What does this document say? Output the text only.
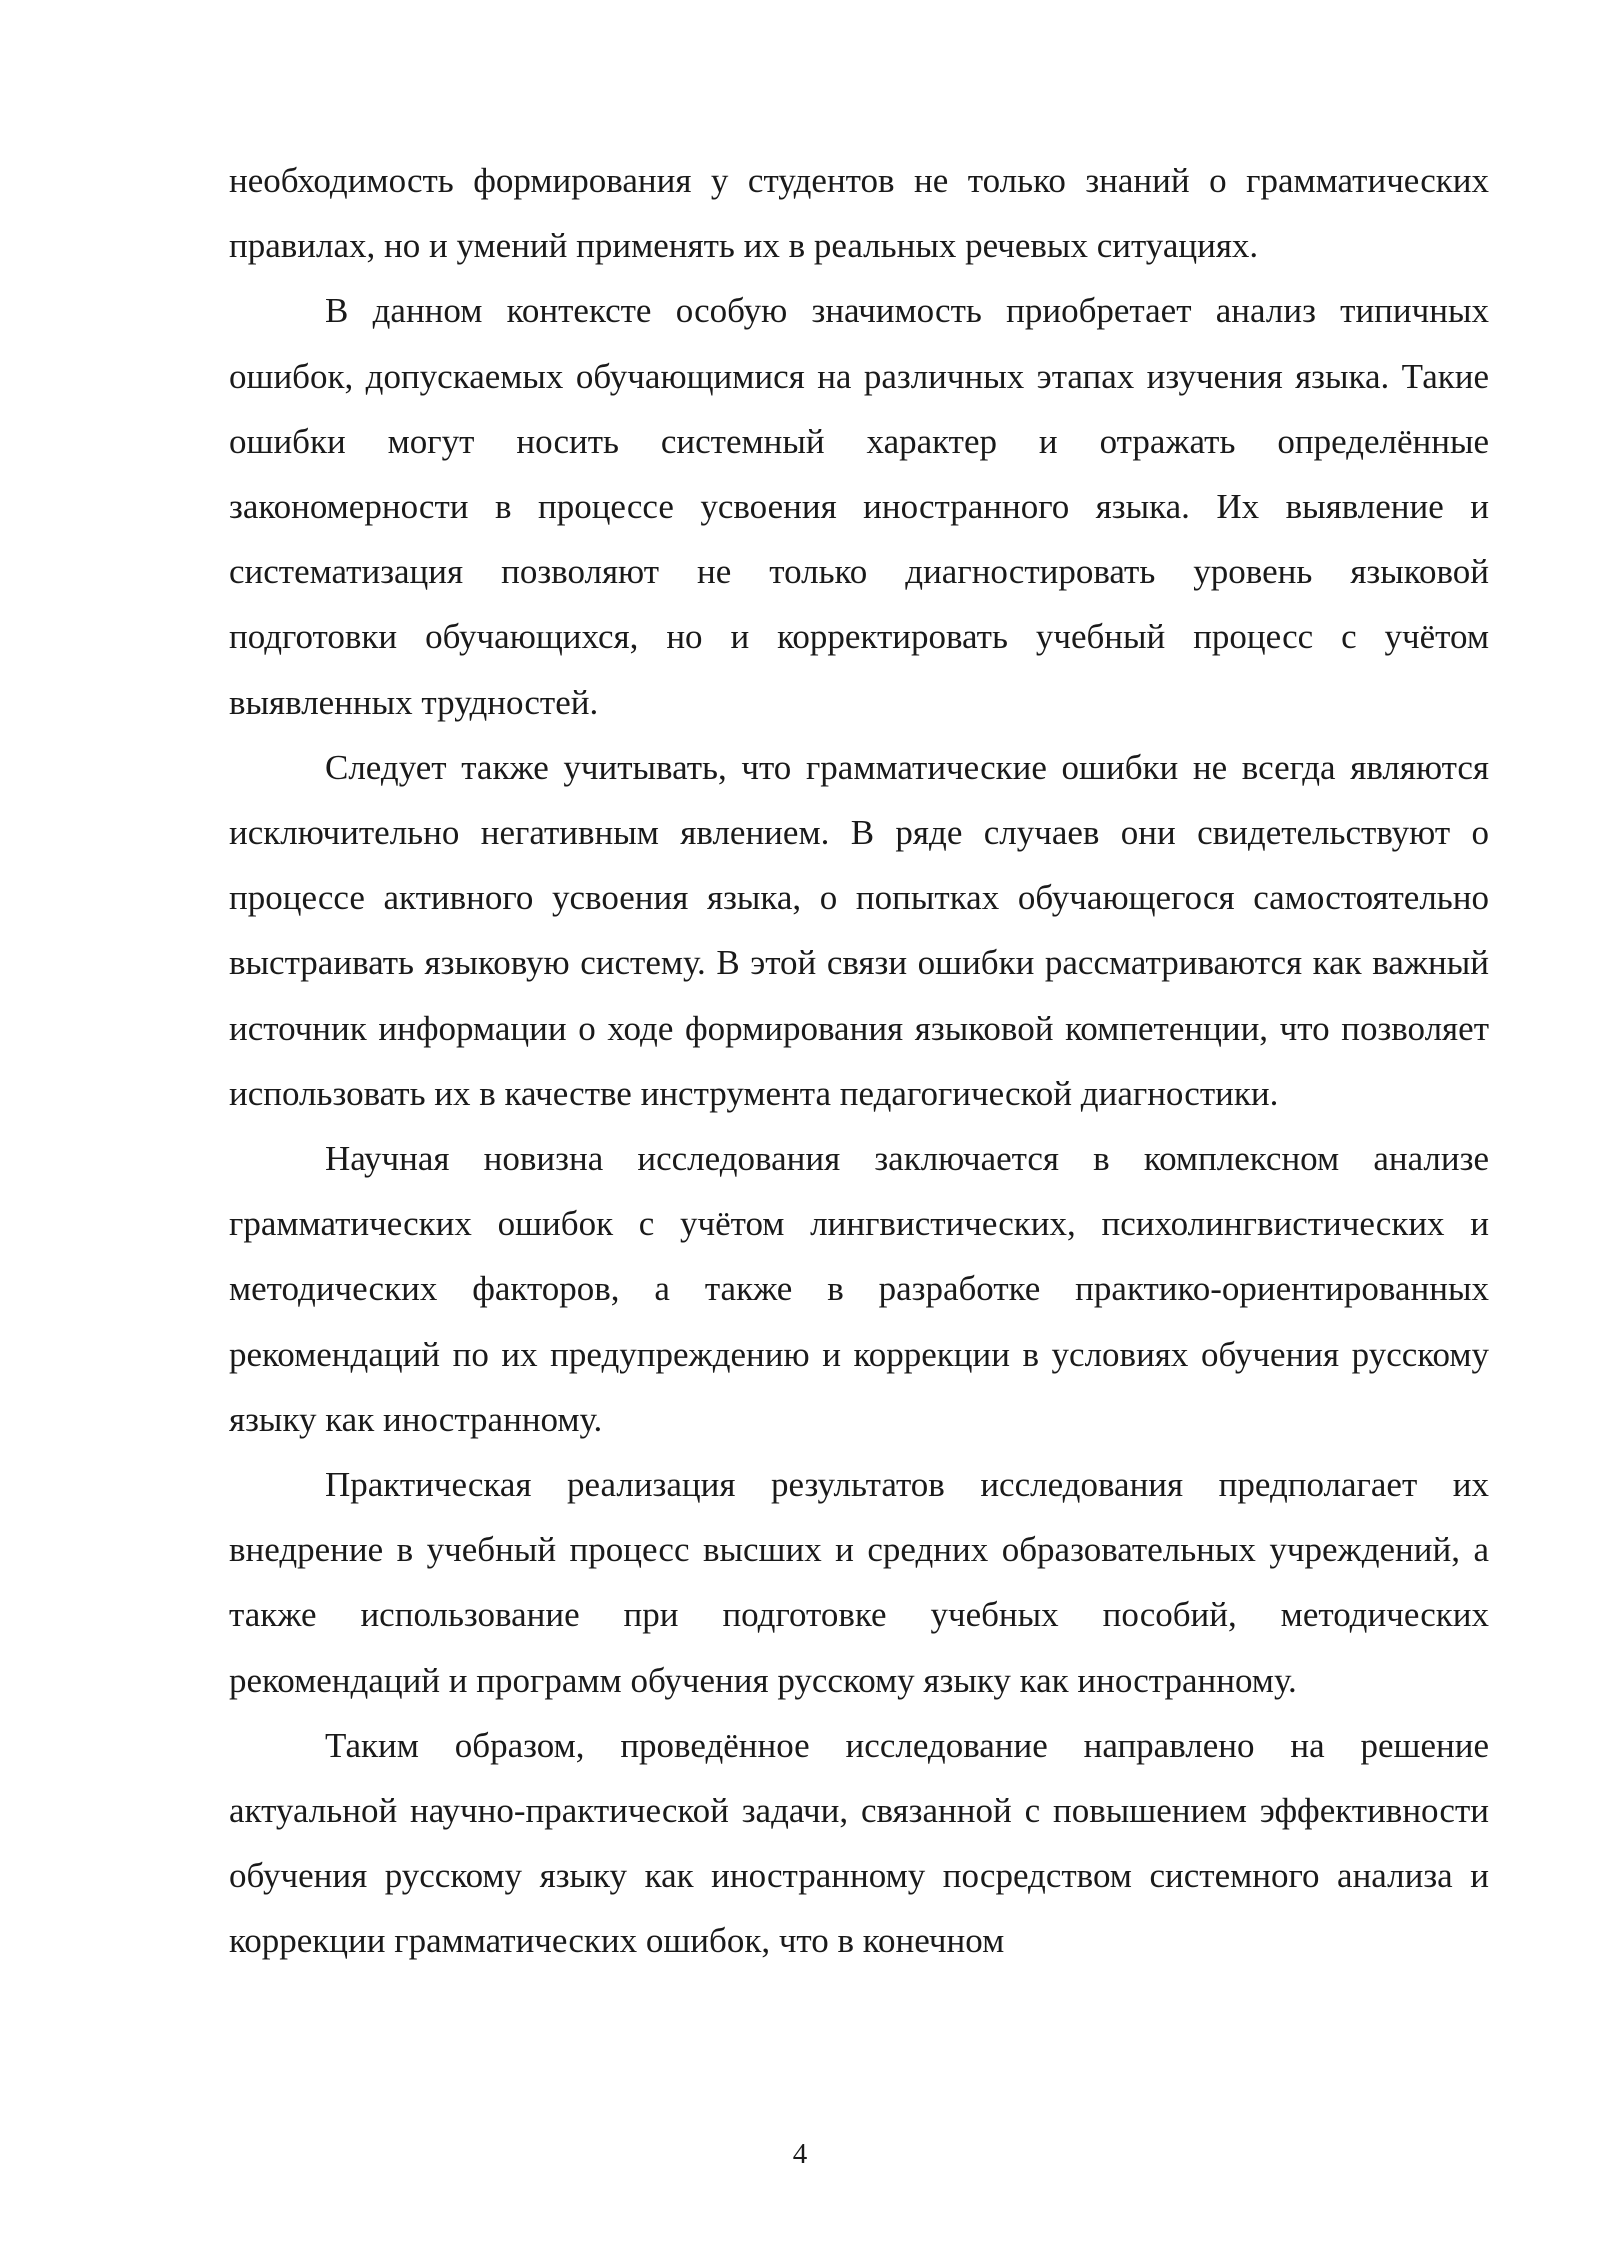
необходимость формирования у студентов не только знаний о грамматических правилах, но и умений применять их в реальных речевых ситуациях.

В данном контексте особую значимость приобретает анализ типичных ошибок, допускаемых обучающимися на различных этапах изучения языка. Такие ошибки могут носить системный характер и отражать определённые закономерности в процессе усвоения иностранного языка. Их выявление и систематизация позволяют не только диагностировать уровень языковой подготовки обучающихся, но и корректировать учебный процесс с учётом выявленных трудностей.

Следует также учитывать, что грамматические ошибки не всегда являются исключительно негативным явлением. В ряде случаев они свидетельствуют о процессе активного усвоения языка, о попытках обучающегося самостоятельно выстраивать языковую систему. В этой связи ошибки рассматриваются как важный источник информации о ходе формирования языковой компетенции, что позволяет использовать их в качестве инструмента педагогической диагностики.

Научная новизна исследования заключается в комплексном анализе грамматических ошибок с учётом лингвистических, психолингвистических и методических факторов, а также в разработке практико-ориентированных рекомендаций по их предупреждению и коррекции в условиях обучения русскому языку как иностранному.

Практическая реализация результатов исследования предполагает их внедрение в учебный процесс высших и средних образовательных учреждений, а также использование при подготовке учебных пособий, методических рекомендаций и программ обучения русскому языку как иностранному.

Таким образом, проведённое исследование направлено на решение актуальной научно-практической задачи, связанной с повышением эффективности обучения русскому языку как иностранному посредством системного анализа и коррекции грамматических ошибок, что в конечном

4
